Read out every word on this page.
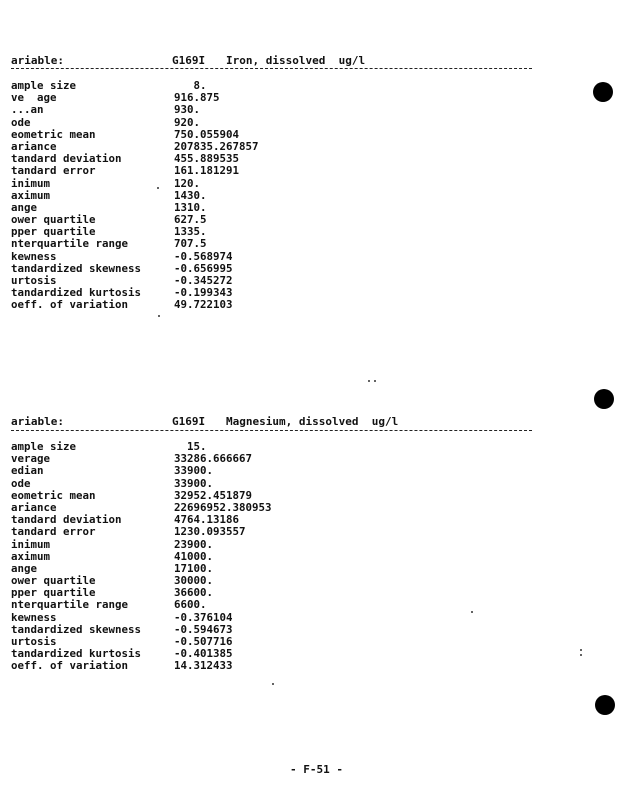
ariable:	G169I Iron, dissolved  ug/l
ample size	8.
ve  age	916.875
...an	930.
ode	920.
eometric mean	750.055904
ariance	207835.267857
tandard deviation	455.889535
tandard error	161.181291
inimum	120.
aximum	1430.
ange	1310.
ower quartile	627.5
pper quartile	1335.
nterquartile range	707.5
kewness	-0.568974
tandardized skewness	-0.656995
urtosis	-0.345272
tandardized kurtosis	-0.199343
oeff. of variation	49.722103
ariable:	G169I Magnesium, dissolved  ug/l
ample size	15.
verage	33286.666667
edian	33900.
ode	33900.
eometric mean	32952.451879
ariance	22696952.380953
tandard deviation	4764.13186
tandard error	1230.093557
inimum	23900.
aximum	41000.
ange	17100.
ower quartile	30000.
pper quartile	36600.
nterquartile range	6600.
kewness	-0.376104
tandardized skewness	-0.594673
urtosis	-0.507716
tandardized kurtosis	-0.401385
oeff. of variation	14.312433
- F-51 -
